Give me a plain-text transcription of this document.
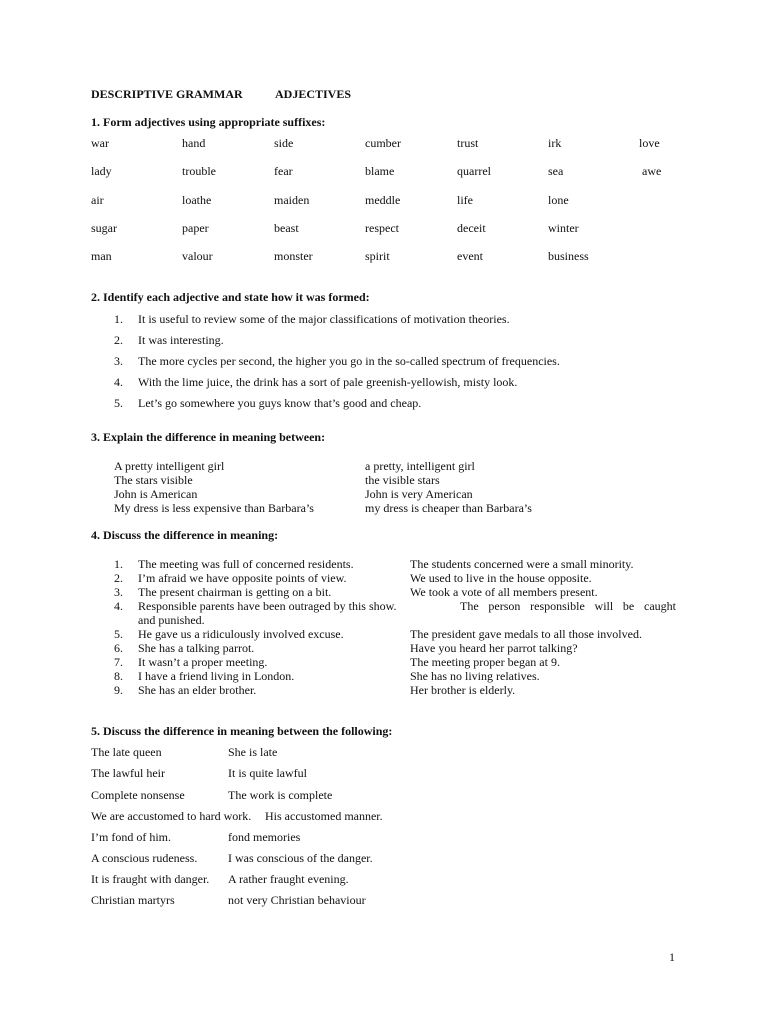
DESCRIPTIVE GRAMMAR	ADJECTIVES
1. Form adjectives using appropriate suffixes:
war	hand	side	cumber	trust	irk	love
lady	trouble	fear	blame	quarrel	sea	awe
air	loathe	maiden	meddle	life	lone
sugar	paper	beast	respect	deceit	winter
man	valour	monster	spirit	event	business
2. Identify each adjective and state how it was formed:
1. It is useful to review some of the major classifications of motivation theories.
2. It was interesting.
3. The more cycles per second, the higher you go in the so-called spectrum of frequencies.
4. With the lime juice, the drink has a sort of pale greenish-yellowish, misty look.
5. Let’s go somewhere you guys know that’s good and cheap.
3. Explain the difference in meaning between:
A pretty intelligent girl	a pretty, intelligent girl
The stars visible	the visible stars
John is American	John is very American
My dress is less expensive than Barbara’s	my dress is cheaper than Barbara’s
4. Discuss the difference in meaning:
1. The meeting was full of concerned residents.	The students concerned were a small minority.
2. I’m afraid we have opposite points of view.	We used to live in the house opposite.
3. The present chairman is getting on a bit.	We took a vote of all members present.
4. Responsible parents have been outraged by this show.	The person responsible will be caught
and punished.
5. He gave us a ridiculously involved excuse.	The president gave medals to all those involved.
6. She has a talking parrot.	Have you heard her parrot talking?
7. It wasn’t a proper meeting.	The meeting proper began at 9.
8. I have a friend living in London.	She has no living relatives.
9. She has an elder brother.	Her brother is elderly.
5. Discuss the difference in meaning between the following:
The late queen	She is late
The lawful heir	It is quite lawful
Complete nonsense	The work is complete
We are accustomed to hard work. His accustomed manner.
I’m fond of him.	fond memories
A conscious rudeness.	I was conscious of the danger.
It is fraught with danger. A rather fraught evening.
Christian martyrs	not very Christian behaviour
1
